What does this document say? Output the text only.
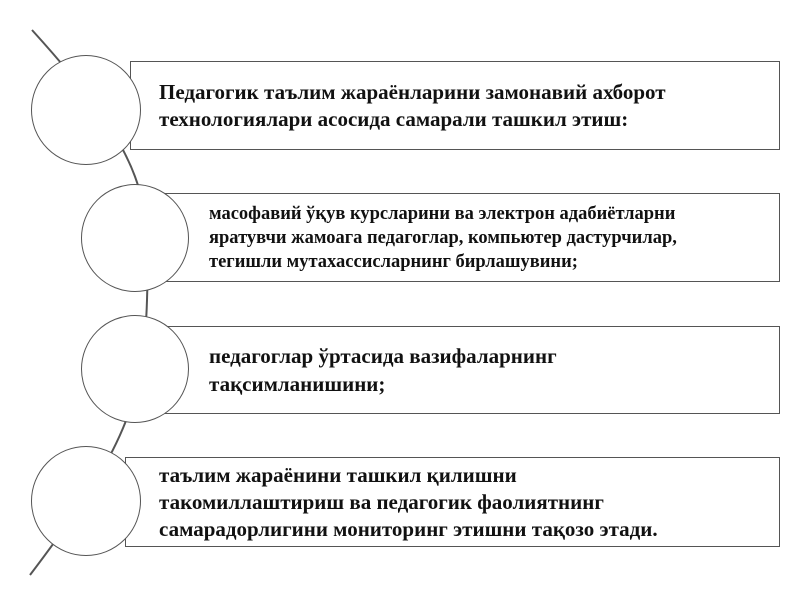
Педагогик таълим жараёнларини замонавий ахборот
технологиялари асосида самарали ташкил этиш:
масофавий ўқув курсларини ва электрон адабиётларни
яратувчи жамоага педагоглар, компьютер дастурчилар,
тегишли мутахассисларнинг бирлашувини;
педагоглар ўртасида вазифаларнинг
тақсимланишини;
таълим жараёнини ташкил қилишни
такомиллаштириш ва педагогик фаолиятнинг
самарадорлигини мониторинг этишни тақозо этади.
